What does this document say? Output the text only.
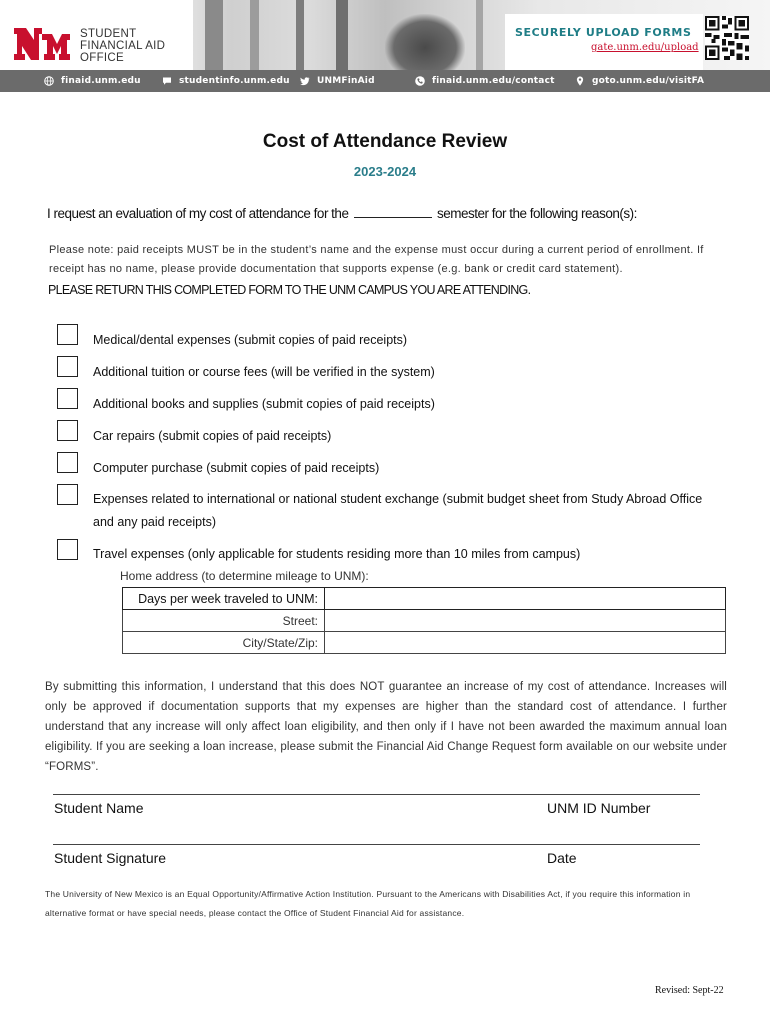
STUDENT
FINANCIAL AID
OFFICE
SECURELY UPLOAD FORMS
gate.unm.edu/upload
finaid.unm.edu	studentinfo.unm.edu	UNMFinAid	finaid.unm.edu/contact	goto.unm.edu/visitFA
Cost of Attendance Review
2023-2024
I request an evaluation of my cost of attendance for the	semester for the following reason(s):
Please note: paid receipts MUST be in the student’s name and the expense must occur during a current period of enrollment. If receipt has no name, please provide documentation that supports expense (e.g. bank or credit card statement).
PLEASE RETURN THIS COMPLETED FORM TO THE UNM CAMPUS YOU ARE ATTENDING.
Medical/dental expenses (submit copies of paid receipts)
Additional tuition or course fees (will be verified in the system)
Additional books and supplies (submit copies of paid receipts)
Car repairs (submit copies of paid receipts)
Computer purchase (submit copies of paid receipts)
Expenses related to international or national student exchange (submit budget sheet from Study Abroad Office and any paid receipts)
Travel expenses (only applicable for students residing more than 10 miles from campus)
Home address (to determine mileage to UNM):
Days per week traveled to UNM:	
Street:	
City/State/Zip:	
By submitting this information, I understand that this does NOT guarantee an increase of my cost of attendance. Increases will only be approved if documentation supports that my expenses are higher than the standard cost of attendance. I further understand that any increase will only affect loan eligibility, and then only if I have not been awarded the maximum annual loan eligibility. If you are seeking a loan increase, please submit the Financial Aid Change Request form available on our website under “FORMS”.
Student Name	UNM ID Number
Student Signature	Date
The University of New Mexico is an Equal Opportunity/Affirmative Action Institution. Pursuant to the Americans with Disabilities Act, if you require this information in alternative format or have special needs, please contact the Office of Student Financial Aid for assistance.
Revised: Sept-22
